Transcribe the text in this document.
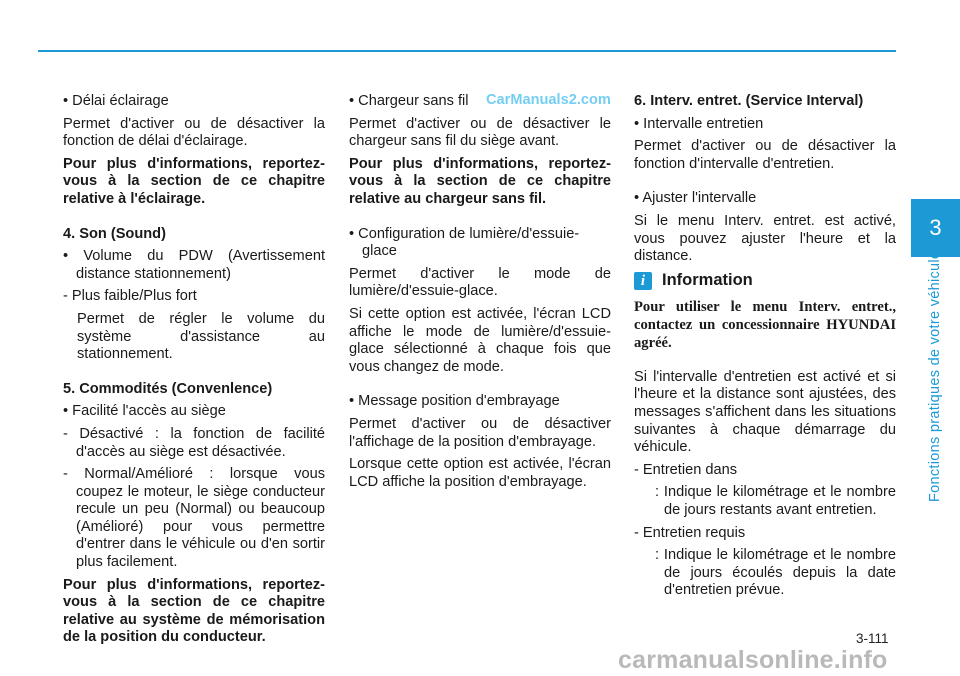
• Délai éclairage

Permet d'activer ou de désactiver la fonction de délai d'éclairage.

Pour plus d'informations, reportez-vous à la section de ce chapitre relative à l'éclairage.

4. Son (Sound)

• Volume du PDW (Avertissement distance stationnement)

- Plus faible/Plus fort

Permet de régler le volume du système d'assistance au stationnement.

5. Commodités (Convenlence)

• Facilité l'accès au siège

- Désactivé : la fonction de facilité d'accès au siège est désactivée.

- Normal/Amélioré : lorsque vous coupez le moteur, le siège conducteur recule un peu (Normal) ou beaucoup (Amélioré) pour vous permettre d'entrer dans le véhicule ou d'en sortir plus facilement.

Pour plus d'informations, reportez-vous à la section de ce chapitre relative au système de mémorisation de la position du conducteur.

• Chargeur sans fil

Permet d'activer ou de désactiver le chargeur sans fil du siège avant.

Pour plus d'informations, reportez-vous à la section de ce chapitre relative au chargeur sans fil.

• Configuration de lumière/d'essuie-glace

Permet d'activer le mode de lumière/d'essuie-glace.

Si cette option est activée, l'écran LCD affiche le mode de lumière/d'essuie-glace sélectionné à chaque fois que vous changez de mode.

• Message position d'embrayage

Permet d'activer ou de désactiver l'affichage de la position d'embrayage.

Lorsque cette option est activée, l'écran LCD affiche la position d'embrayage.

6. Interv. entret. (Service Interval)

• Intervalle entretien

Permet d'activer ou de désactiver la fonction d'intervalle d'entretien.

• Ajuster l'intervalle

Si le menu Interv. entret. est activé, vous pouvez ajuster l'heure et la distance.

i	Information

Pour utiliser le menu Interv. entret., contactez un concessionnaire HYUNDAI agréé.

Si l'intervalle d'entretien est activé et si l'heure et la distance sont ajustées, des messages s'affichent dans les situations suivantes à chaque démarrage du véhicule.

- Entretien dans

: Indique le kilométrage et le nombre de jours restants avant entretien.

- Entretien requis

: Indique le kilométrage et le nombre de jours écoulés depuis la date d'entretien prévue.

3
Fonctions pratiques de votre véhicule
CarManuals2.com
3-111
carmanualsonline.info
